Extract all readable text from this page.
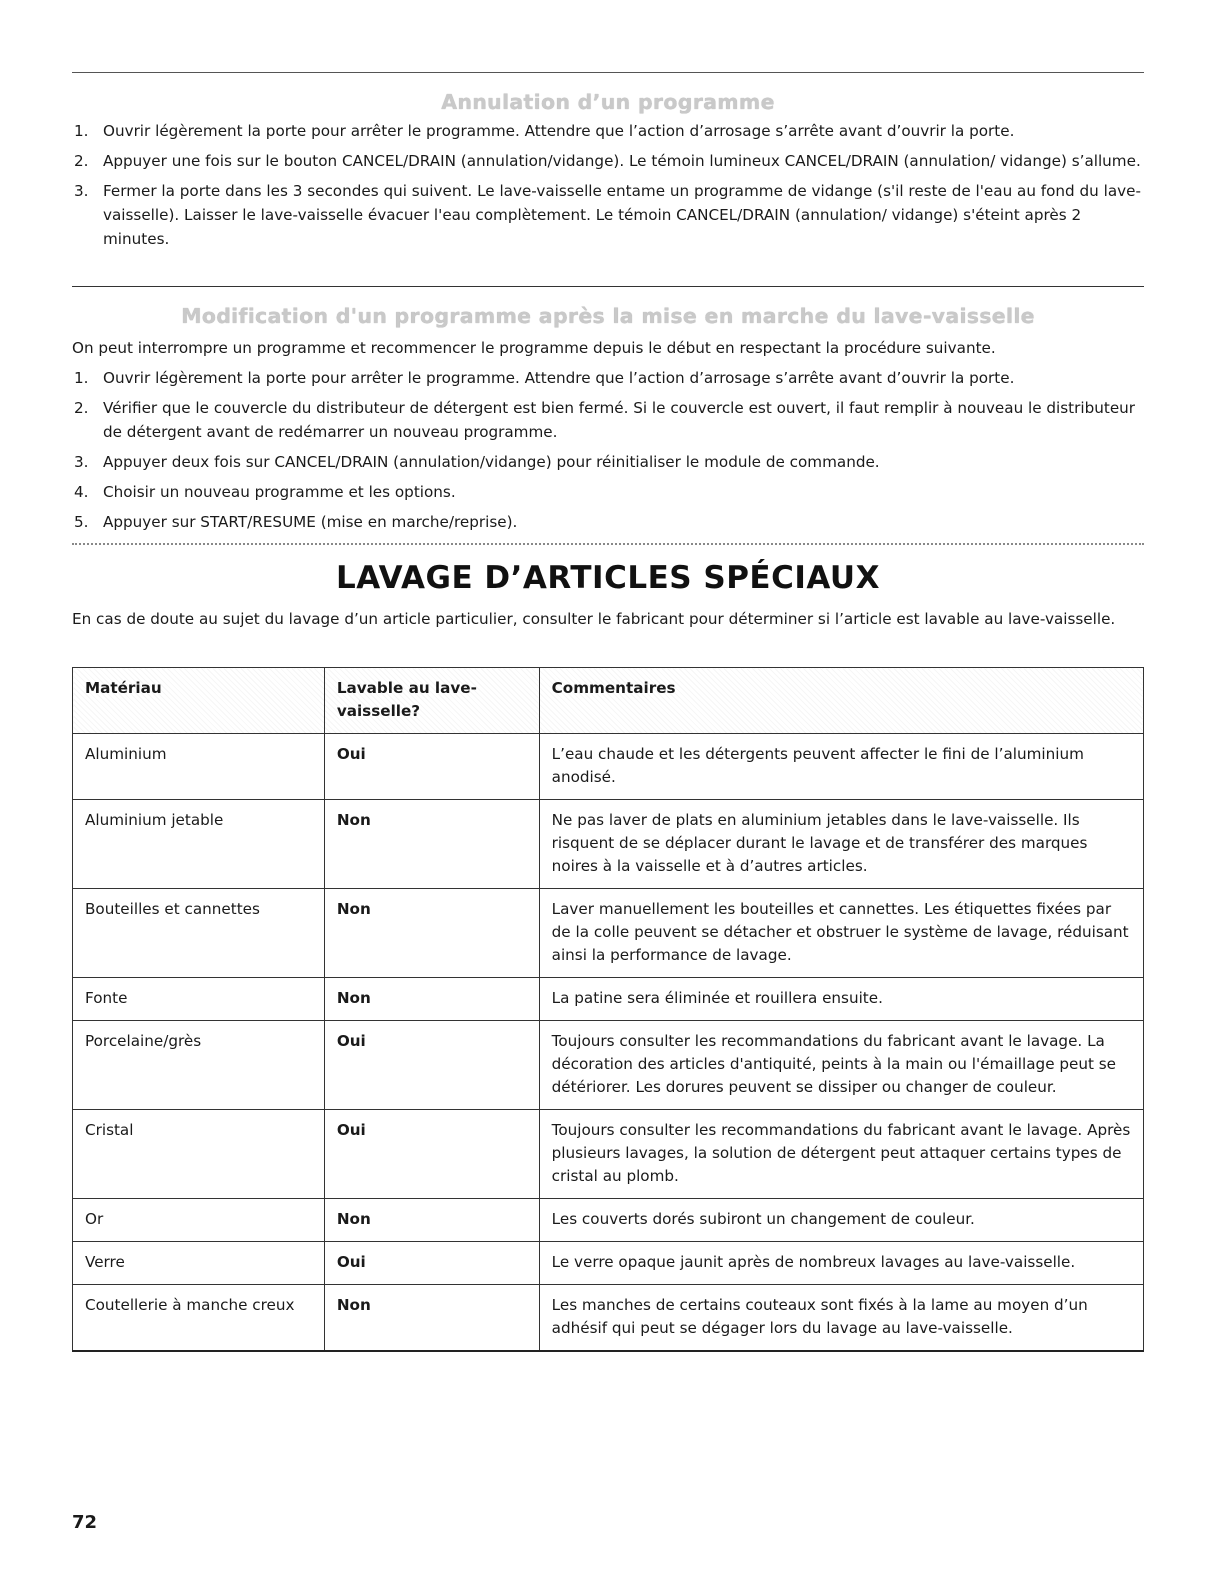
Annulation d’un programme
1. Ouvrir légèrement la porte pour arrêter le programme. Attendre que l’action d’arrosage s’arrête avant d’ouvrir la porte.
2. Appuyer une fois sur le bouton CANCEL/DRAIN (annulation/vidange). Le témoin lumineux CANCEL/DRAIN (annulation/ vidange) s’allume.
3. Fermer la porte dans les 3 secondes qui suivent. Le lave-vaisselle entame un programme de vidange (s'il reste de l'eau au fond du lave-vaisselle). Laisser le lave-vaisselle évacuer l'eau complètement. Le témoin CANCEL/DRAIN (annulation/ vidange) s'éteint après 2 minutes.
Modification d'un programme après la mise en marche du lave-vaisselle
On peut interrompre un programme et recommencer le programme depuis le début en respectant la procédure suivante.
1. Ouvrir légèrement la porte pour arrêter le programme. Attendre que l’action d’arrosage s’arrête avant d’ouvrir la porte.
2. Vérifier que le couvercle du distributeur de détergent est bien fermé. Si le couvercle est ouvert, il faut remplir à nouveau le distributeur de détergent avant de redémarrer un nouveau programme.
3. Appuyer deux fois sur CANCEL/DRAIN (annulation/vidange) pour réinitialiser le module de commande.
4. Choisir un nouveau programme et les options.
5. Appuyer sur START/RESUME (mise en marche/reprise).
LAVAGE D’ARTICLES SPÉCIAUX
En cas de doute au sujet du lavage d’un article particulier, consulter le fabricant pour déterminer si l’article est lavable au lave-vaisselle.
Matériau	Lavable au lave-vaisselle?	Commentaires
Aluminium	Oui	L’eau chaude et les détergents peuvent affecter le fini de l’aluminium anodisé.
Aluminium jetable	Non	Ne pas laver de plats en aluminium jetables dans le lave-vaisselle. Ils risquent de se déplacer durant le lavage et de transférer des marques noires à la vaisselle et à d’autres articles.
Bouteilles et cannettes	Non	Laver manuellement les bouteilles et cannettes. Les étiquettes fixées par de la colle peuvent se détacher et obstruer le système de lavage, réduisant ainsi la performance de lavage.
Fonte	Non	La patine sera éliminée et rouillera ensuite.
Porcelaine/grès	Oui	Toujours consulter les recommandations du fabricant avant le lavage. La décoration des articles d'antiquité, peints à la main ou l'émaillage peut se détériorer. Les dorures peuvent se dissiper ou changer de couleur.
Cristal	Oui	Toujours consulter les recommandations du fabricant avant le lavage. Après plusieurs lavages, la solution de détergent peut attaquer certains types de cristal au plomb.
Or	Non	Les couverts dorés subiront un changement de couleur.
Verre	Oui	Le verre opaque jaunit après de nombreux lavages au lave-vaisselle.
Coutellerie à manche creux	Non	Les manches de certains couteaux sont fixés à la lame au moyen d’un adhésif qui peut se dégager lors du lavage au lave-vaisselle.
72
